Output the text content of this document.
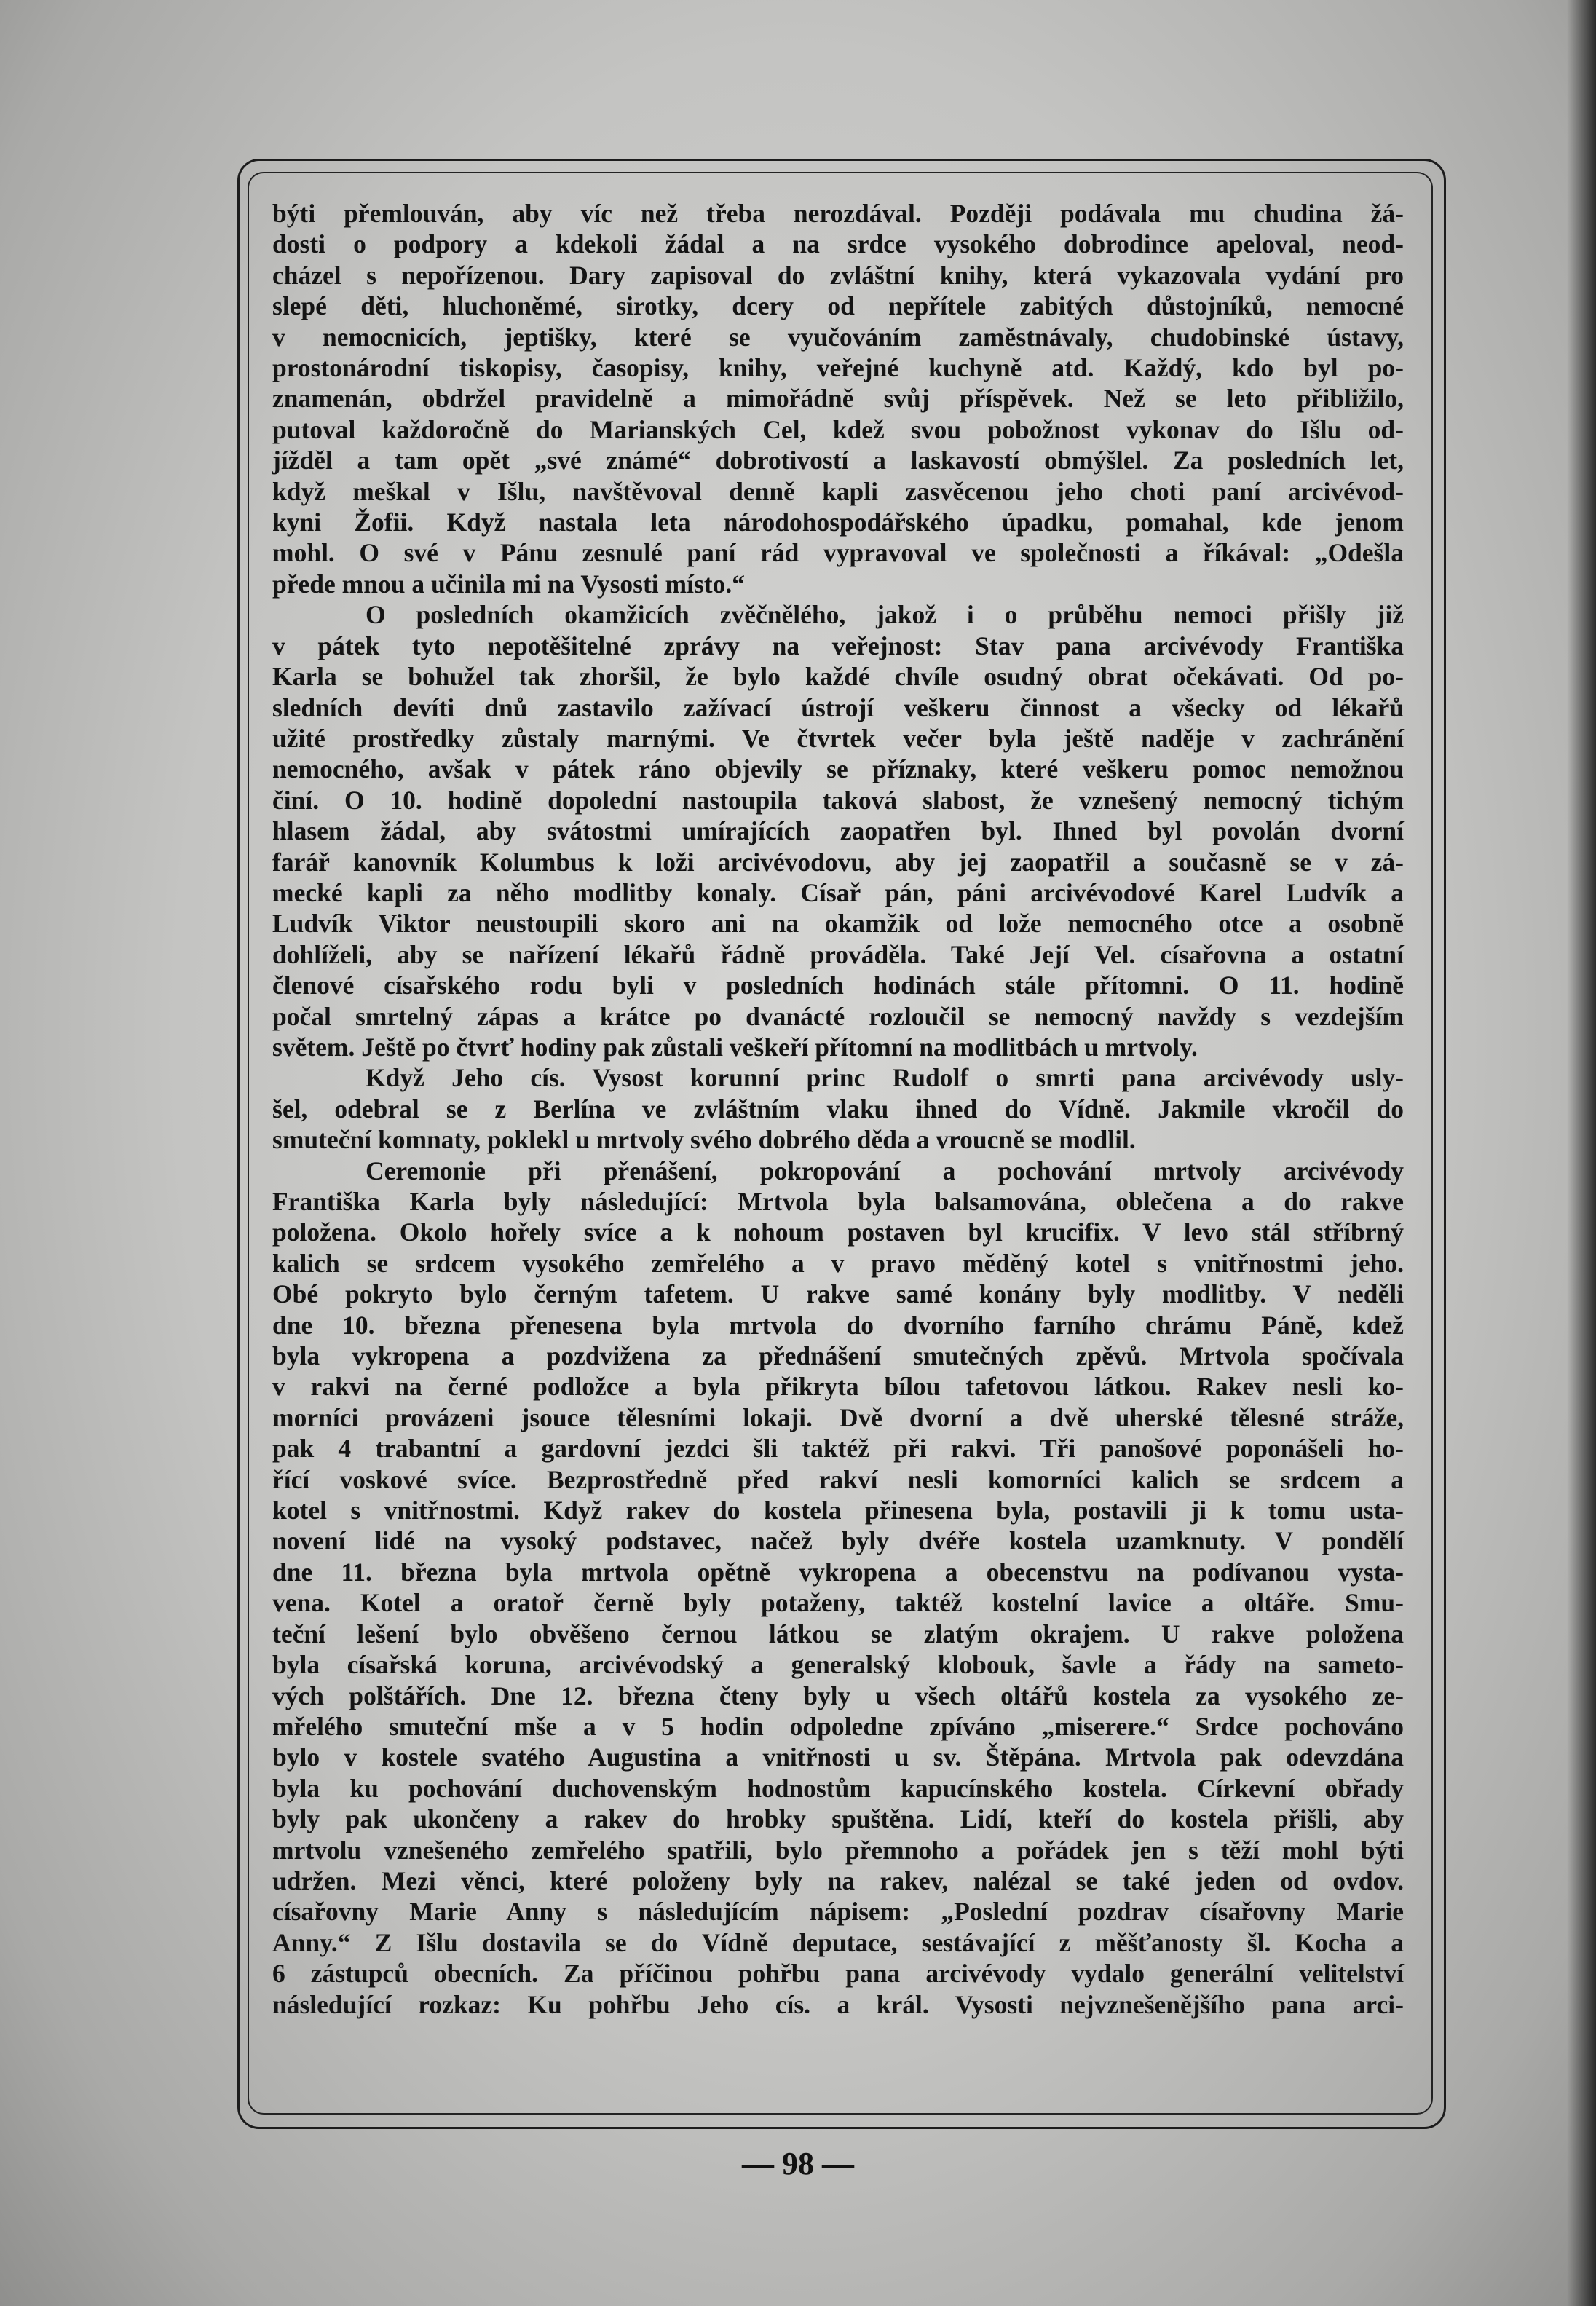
býti přemlouván, aby víc než třeba nerozdával. Později podávala mu chudina žá-
dosti o podpory a kdekoli žádal a na srdce vysokého dobrodince apeloval, neod-
cházel s nepořízenou. Dary zapisoval do zvláštní knihy, která vykazovala vydání pro
slepé děti, hluchoněmé, sirotky, dcery od nepřítele zabitých důstojníků, nemocné
v nemocnicích, jeptišky, které se vyučováním zaměstnávaly, chudobinské ústavy,
prostonárodní tiskopisy, časopisy, knihy, veřejné kuchyně atd. Každý, kdo byl po-
znamenán, obdržel pravidelně a mimořádně svůj příspěvek. Než se leto přibližilo,
putoval každoročně do Marianských Cel, kdež svou pobožnost vykonav do Išlu od-
jížděl a tam opět „své známé“ dobrotivostí a laskavostí obmýšlel. Za posledních let,
když meškal v Išlu, navštěvoval denně kapli zasvěcenou jeho choti paní arcivévod-
kyni Žofii. Když nastala leta národohospodářského úpadku, pomahal, kde jenom
mohl. O své v Pánu zesnulé paní rád vypravoval ve společnosti a říkával: „Odešla
přede mnou a učinila mi na Vysosti místo.“
O posledních okamžicích zvěčnělého, jakož i o průběhu nemoci přišly již
v pátek tyto nepotěšitelné zprávy na veřejnost: Stav pana arcivévody Františka
Karla se bohužel tak zhoršil, že bylo každé chvíle osudný obrat očekávati. Od po-
sledních devíti dnů zastavilo zažívací ústrojí veškeru činnost a všecky od lékařů
užité prostředky zůstaly marnými. Ve čtvrtek večer byla ještě naděje v zachránění
nemocného, avšak v pátek ráno objevily se příznaky, které veškeru pomoc nemožnou
činí. O 10. hodině dopolední nastoupila taková slabost, že vznešený nemocný tichým
hlasem žádal, aby svátostmi umírajících zaopatřen byl. Ihned byl povolán dvorní
farář kanovník Kolumbus k loži arcivévodovu, aby jej zaopatřil a současně se v zá-
mecké kapli za něho modlitby konaly. Císař pán, páni arcivévodové Karel Ludvík a
Ludvík Viktor neustoupili skoro ani na okamžik od lože nemocného otce a osobně
dohlíželi, aby se nařízení lékařů řádně prováděla. Také Její Vel. císařovna a ostatní
členové císařského rodu byli v posledních hodinách stále přítomni. O 11. hodině
počal smrtelný zápas a krátce po dvanácté rozloučil se nemocný navždy s vezdejším
světem. Ještě po čtvrť hodiny pak zůstali veškeří přítomní na modlitbách u mrtvoly.
Když Jeho cís. Vysost korunní princ Rudolf o smrti pana arcivévody usly-
šel, odebral se z Berlína ve zvláštním vlaku ihned do Vídně. Jakmile vkročil do
smuteční komnaty, poklekl u mrtvoly svého dobrého děda a vroucně se modlil.
Ceremonie při přenášení, pokropování a pochování mrtvoly arcivévody
Františka Karla byly následující: Mrtvola byla balsamována, oblečena a do rakve
položena. Okolo hořely svíce a k nohoum postaven byl krucifix. V levo stál stříbrný
kalich se srdcem vysokého zemřelého a v pravo měděný kotel s vnitřnostmi jeho.
Obé pokryto bylo černým tafetem. U rakve samé konány byly modlitby. V neděli
dne 10. března přenesena byla mrtvola do dvorního farního chrámu Páně, kdež
byla vykropena a pozdvižena za přednášení smutečných zpěvů. Mrtvola spočívala
v rakvi na černé podložce a byla přikryta bílou tafetovou látkou. Rakev nesli ko-
morníci provázeni jsouce tělesními lokaji. Dvě dvorní a dvě uherské tělesné stráže,
pak 4 trabantní a gardovní jezdci šli taktéž při rakvi. Tři panošové poponášeli ho-
řící voskové svíce. Bezprostředně před rakví nesli komorníci kalich se srdcem a
kotel s vnitřnostmi. Když rakev do kostela přinesena byla, postavili ji k tomu usta-
novení lidé na vysoký podstavec, načež byly dvéře kostela uzamknuty. V pondělí
dne 11. března byla mrtvola opětně vykropena a obecenstvu na podívanou vysta-
vena. Kotel a oratoř černě byly potaženy, taktéž kostelní lavice a oltáře. Smu-
teční lešení bylo obvěšeno černou látkou se zlatým okrajem. U rakve položena
byla císařská koruna, arcivévodský a generalský klobouk, šavle a řády na sameto-
vých polštářích. Dne 12. března čteny byly u všech oltářů kostela za vysokého ze-
mřelého smuteční mše a v 5 hodin odpoledne zpíváno „miserere.“ Srdce pochováno
bylo v kostele svatého Augustina a vnitřnosti u sv. Štěpána. Mrtvola pak odevzdána
byla ku pochování duchovenským hodnostům kapucínského kostela. Církevní obřady
byly pak ukončeny a rakev do hrobky spuštěna. Lidí, kteří do kostela přišli, aby
mrtvolu vznešeného zemřelého spatřili, bylo přemnoho a pořádek jen s těží mohl býti
udržen. Mezi věnci, které položeny byly na rakev, nalézal se také jeden od ovdov.
císařovny Marie Anny s následujícím nápisem: „Poslední pozdrav císařovny Marie
Anny.“ Z Išlu dostavila se do Vídně deputace, sestávající z měšťanosty šl. Kocha a
6 zástupců obecních. Za příčinou pohřbu pana arcivévody vydalo generální velitelství
následující rozkaz: Ku pohřbu Jeho cís. a král. Vysosti nejvznešenějšího pana arci-
— 98 —
